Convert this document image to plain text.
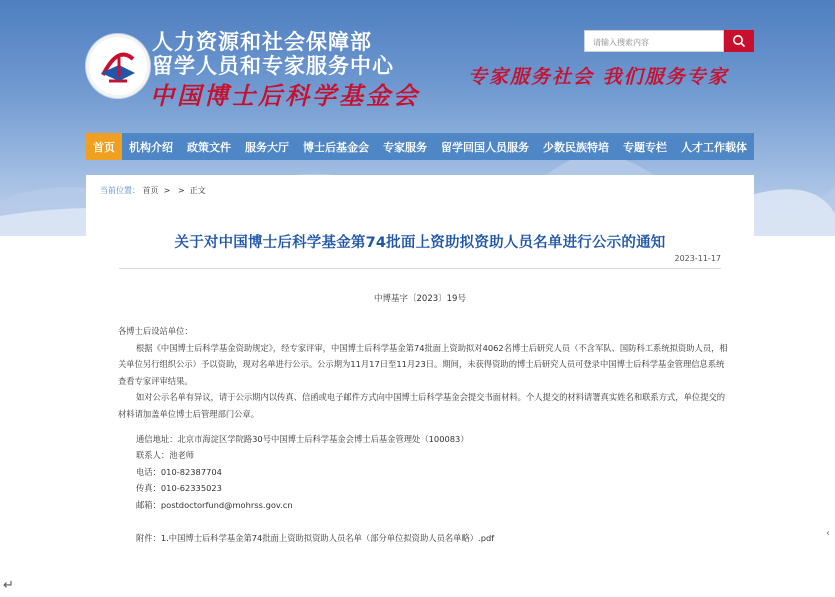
人力资源和社会保障部
留学人员和专家服务中心
中国博士后科学基金会
请输入搜索内容
专家服务社会 我们服务专家
首页	机构介绍	政策文件	服务大厅	博士后基金会	专家服务	留学回国人员服务	少数民族特培	专题专栏	人才工作载体
当前位置： 首页 > > 正文
关于对中国博士后科学基金第74批面上资助拟资助人员名单进行公示的通知
2023-11-17
中博基字〔2023〕19号

各博士后设站单位：

根据《中国博士后科学基金资助规定》，经专家评审，中国博士后科学基金第74批面上资助拟对4062名博士后研究人员（不含军队、国防科工系统拟资助人员，相关单位另行组织公示）予以资助，现对名单进行公示。公示期为11月17日至11月23日。期间，未获得资助的博士后研究人员可登录中国博士后科学基金管理信息系统查看专家评审结果。

如对公示名单有异议，请于公示期内以传真、信函或电子邮件方式向中国博士后科学基金会提交书面材料。个人提交的材料请署真实姓名和联系方式，单位提交的材料请加盖单位博士后管理部门公章。

通信地址：北京市海淀区学院路30号中国博士后科学基金会博士后基金管理处（100083）

联系人：池老师

电话：010-82387704

传真：010-62335023

邮箱：postdoctorfund@mohrss.gov.cn

附件：1.中国博士后科学基金第74批面上资助拟资助人员名单（部分单位拟资助人员名单略）.pdf

↵
‹
